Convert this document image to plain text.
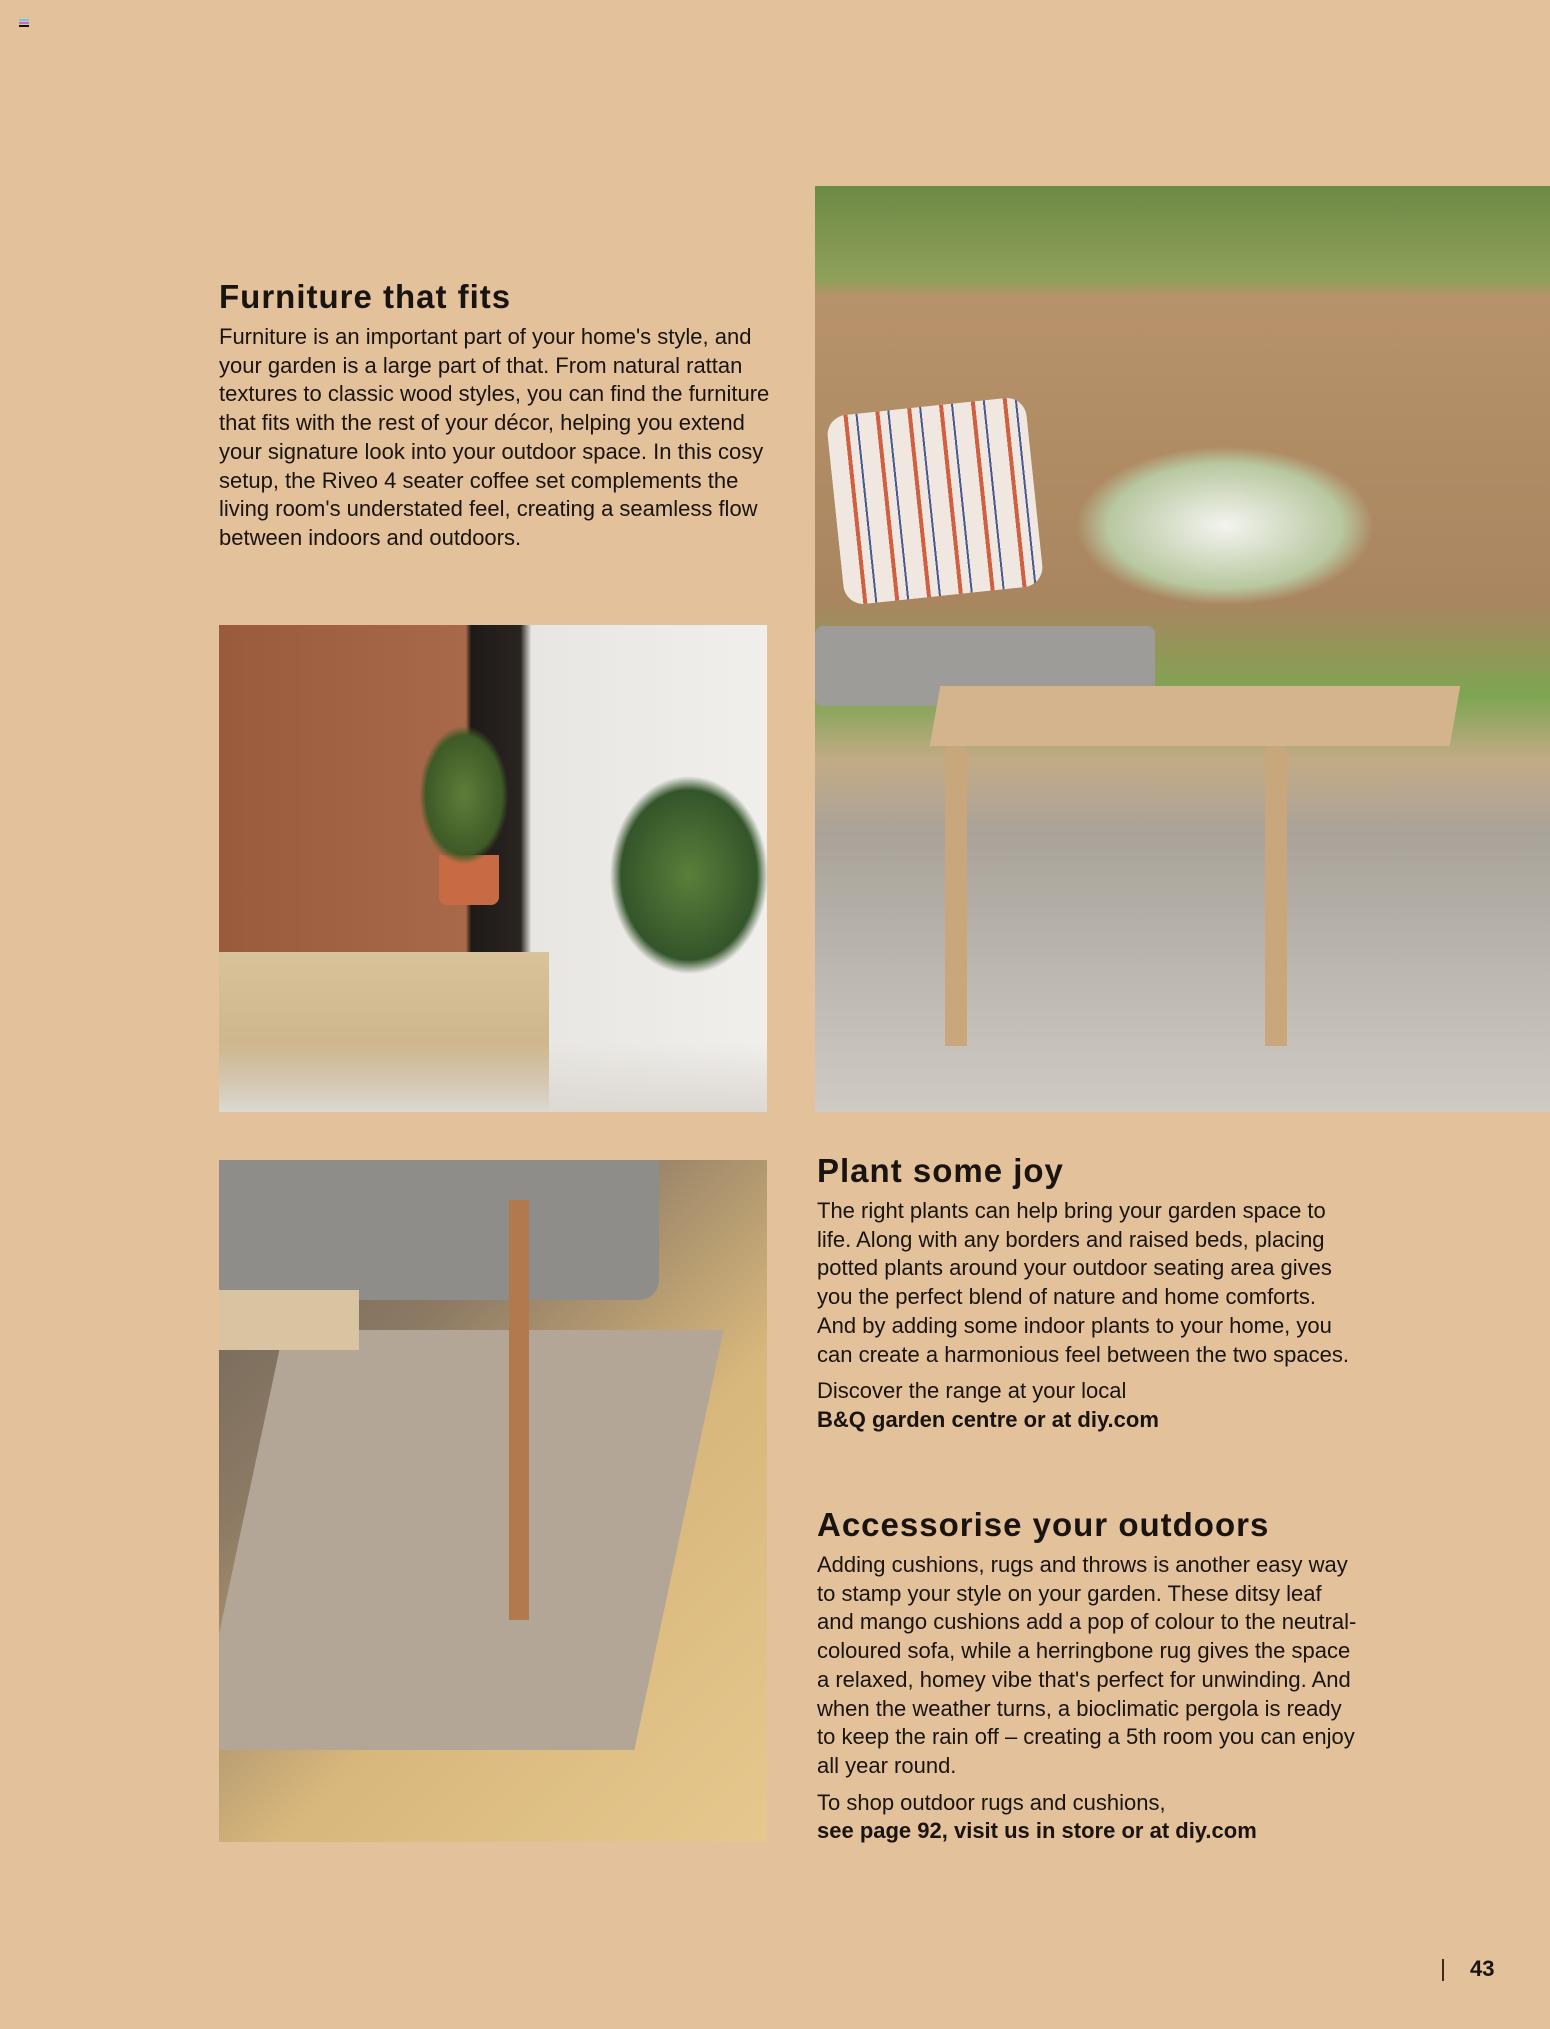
Furniture that fits

Furniture is an important part of your home's style, and your garden is a large part of that. From natural rattan textures to classic wood styles, you can find the furniture that fits with the rest of your décor, helping you extend your signature look into your outdoor space. In this cosy setup, the Riveo 4 seater coffee set complements the living room's understated feel, creating a seamless flow between indoors and outdoors.

Plant some joy

The right plants can help bring your garden space to life. Along with any borders and raised beds, placing potted plants around your outdoor seating area gives you the perfect blend of nature and home comforts. And by adding some indoor plants to your home, you can create a harmonious feel between the two spaces.

Discover the range at your local
B&Q garden centre or at diy.com

Accessorise your outdoors

Adding cushions, rugs and throws is another easy way to stamp your style on your garden. These ditsy leaf and mango cushions add a pop of colour to the neutral-coloured sofa, while a herringbone rug gives the space a relaxed, homey vibe that's perfect for unwinding. And when the weather turns, a bioclimatic pergola is ready to keep the rain off – creating a 5th room you can enjoy all year round.

To shop outdoor rugs and cushions,
see page 92, visit us in store or at diy.com

43
